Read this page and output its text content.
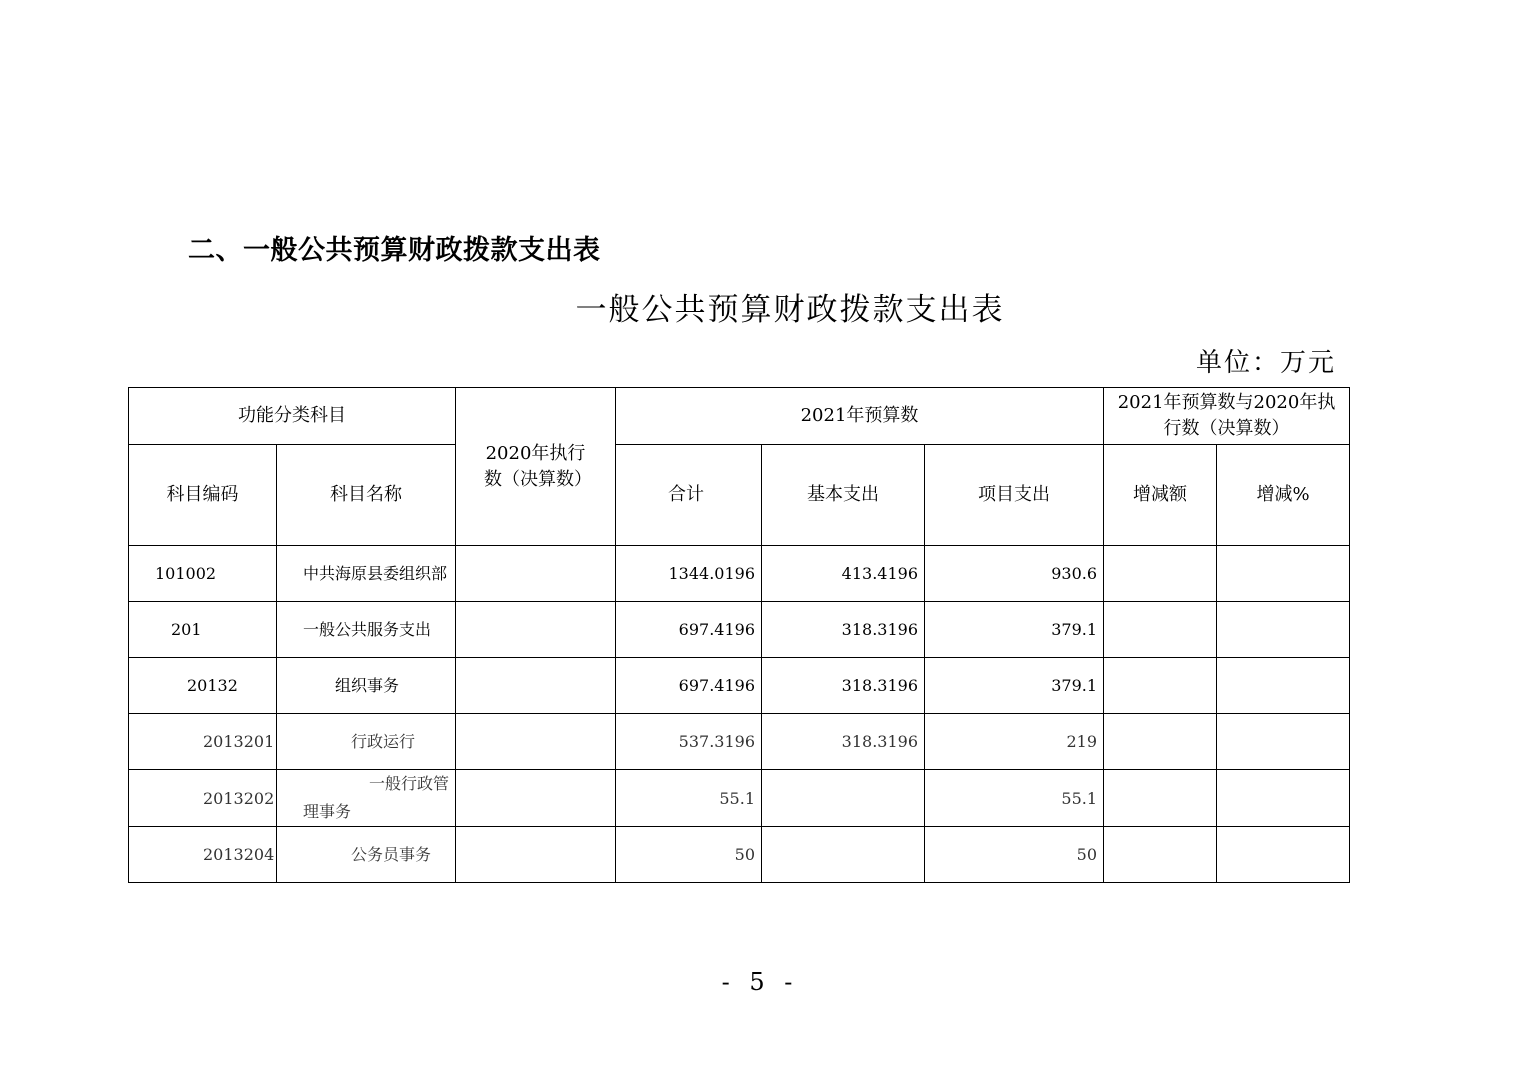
二、一般公共预算财政拨款支出表
一般公共预算财政拨款支出表
单位：万元
功能分类科目		2020年执行数（决算数）	2021年预算数			2021年预算数与2020年执行数（决算数）	
科目编码	科目名称		合计	基本支出	项目支出	增减额	增减%
101002	中共海原县委组织部		1344.0196	413.4196	930.6		
201	一般公共服务支出		697.4196	318.3196	379.1		
20132	组织事务		697.4196	318.3196	379.1		
2013201	行政运行		537.3196	318.3196	219		
2013202	一般行政管理事务		55.1		55.1		
2013204	公务员事务		50		50		
- 5 -
